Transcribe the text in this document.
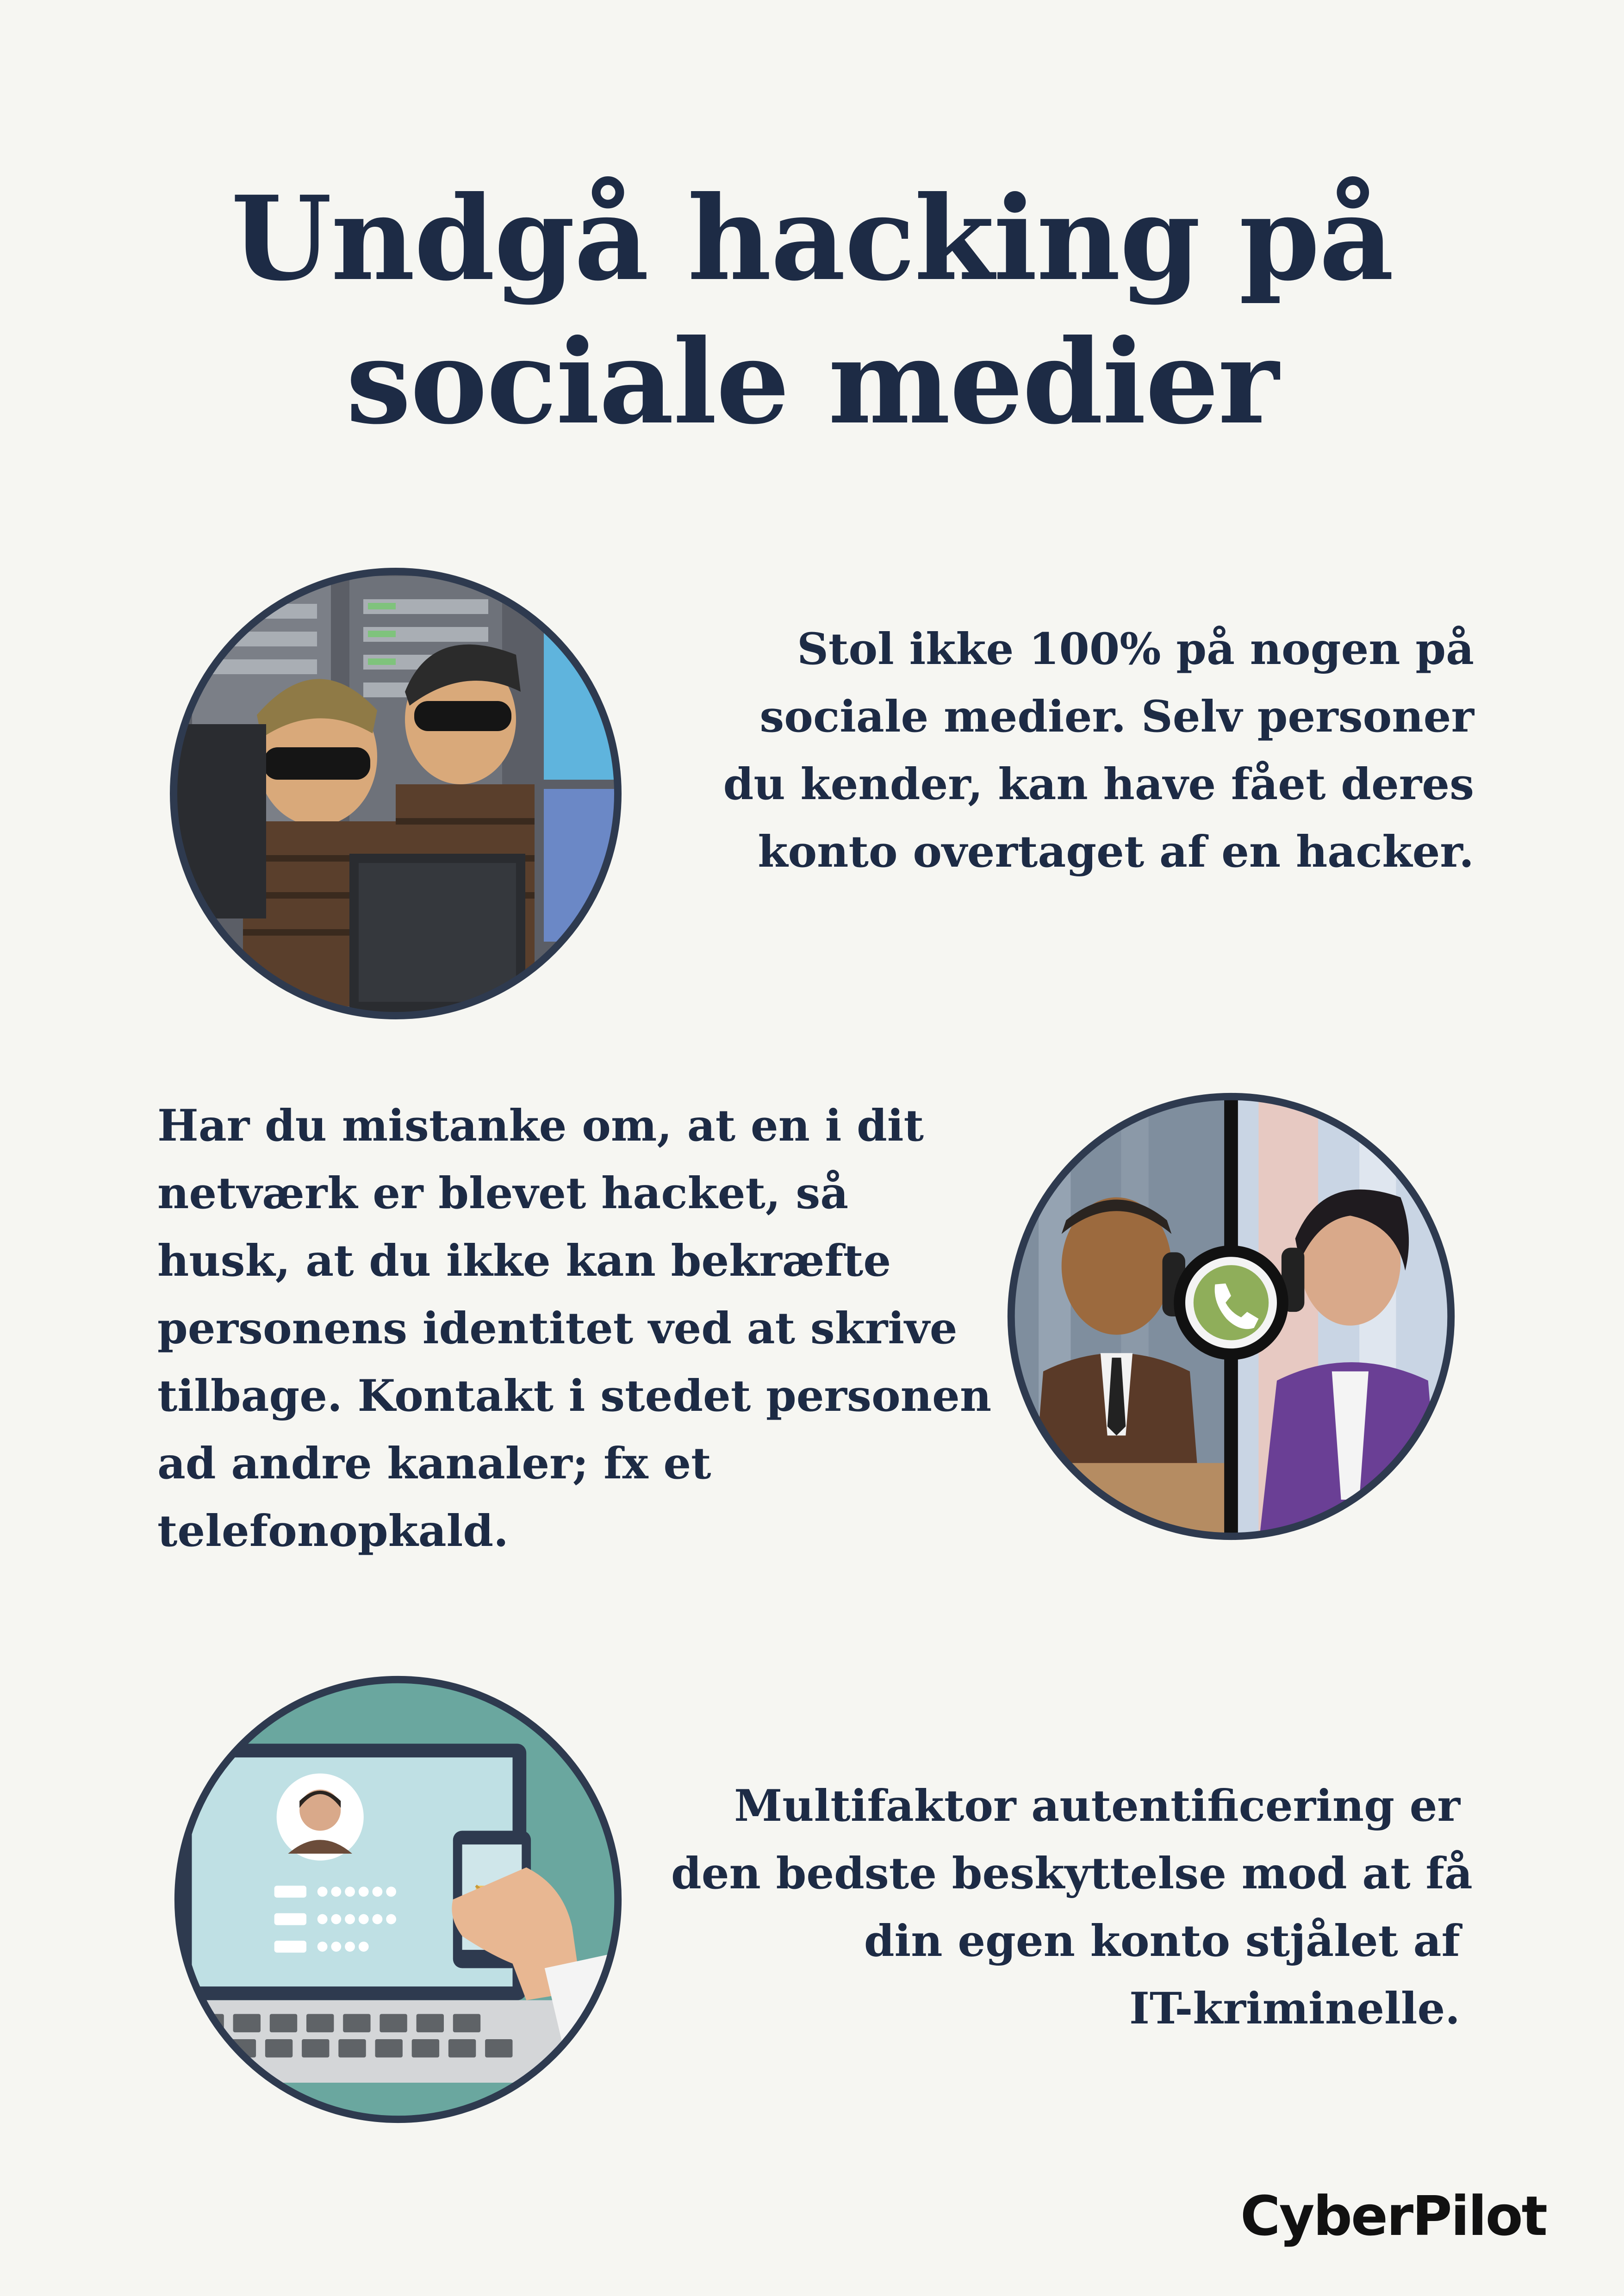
Undgå hacking på
sociale medier

Stol ikke 100% på nogen på
sociale medier. Selv personer
du kender, kan have fået deres
konto overtaget af en hacker.

Har du mistanke om, at en i dit
netværk er blevet hacket, så
husk, at du ikke kan bekræfte
personens identitet ved at skrive
tilbage. Kontakt i stedet personen
ad andre kanaler; fx et
telefonopkald.

Multifaktor autentificering er
den bedste beskyttelse mod at få
din egen konto stjålet af
IT-kriminelle.

CyberPilot
